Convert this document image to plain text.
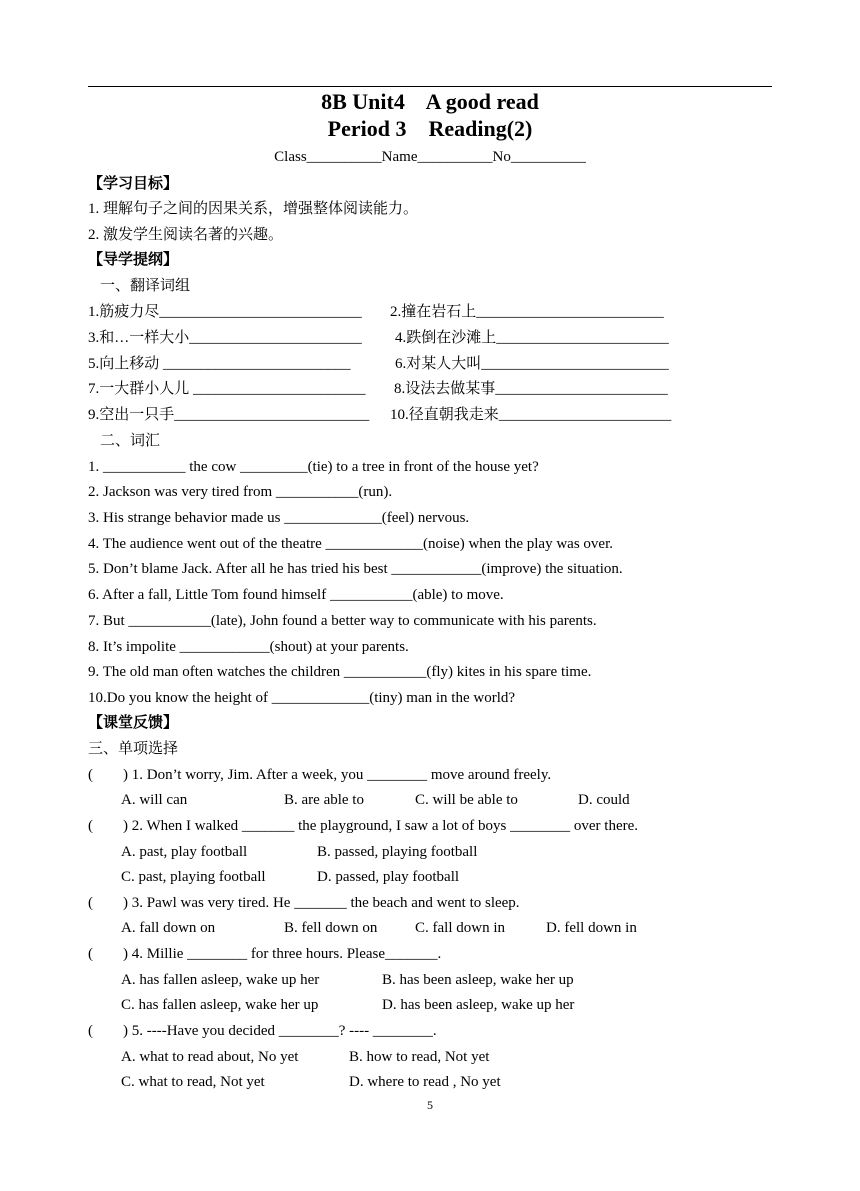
8B Unit4    A good read
Period 3    Reading(2)
Class__________Name__________No__________
【学习目标】
1. 理解句子之间的因果关系，增强整体阅读能力。
2. 激发学生阅读名著的兴趣。
【导学提纲】
一、翻译词组
1.筋疲力尽___________________________ 2.撞在岩石上_________________________
3.和…一样大小_______________________ 4.跌倒在沙滩上_______________________
5.向上移动 _________________________	6.对某人大叫_________________________
7.一大群小人儿 _______________________ 8.设法去做某事_______________________
9.空出一只手__________________________ 10.径直朝我走来_______________________
二、词汇
1. ___________ the cow _________(tie) to a tree in front of the house yet?
2. Jackson was very tired from ___________(run).
3. His strange behavior made us _____________(feel) nervous.
4. The audience went out of the theatre _____________(noise) when the play was over.
5. Don’t blame Jack. After all he has tried his best ____________(improve) the situation.
6. After a fall, Little Tom found himself ___________(able) to move.
7. But ___________(late), John found a better way to communicate with his parents.
8. It’s impolite ____________(shout) at your parents.
9. The old man often watches the children ___________(fly) kites in his spare time.
10.Do you know the height of _____________(tiny) man in the world?
【课堂反馈】
三、单项选择
(        ) 1. Don’t worry, Jim. After a week, you ________ move around freely.
A. will can	B. are able to	C. will be able to	D. could
(        ) 2. When I walked _______ the playground, I saw a lot of boys ________ over there.
A. past, play football	B. passed, playing football
C. past, playing football	D. passed, play football
(        ) 3. Pawl was very tired. He _______ the beach and went to sleep.
A. fall down on	B. fell down on	C. fall down in	D. fell down in
(        ) 4. Millie ________ for three hours. Please_______.
A. has fallen asleep, wake up her	B. has been asleep, wake her up
C. has fallen asleep, wake her up	D. has been asleep, wake up her
(        ) 5. ----Have you decided ________? ---- ________.
A. what to read about, No yet	B. how to read, Not yet
C. what to read, Not yet	D. where to read , No yet
5
